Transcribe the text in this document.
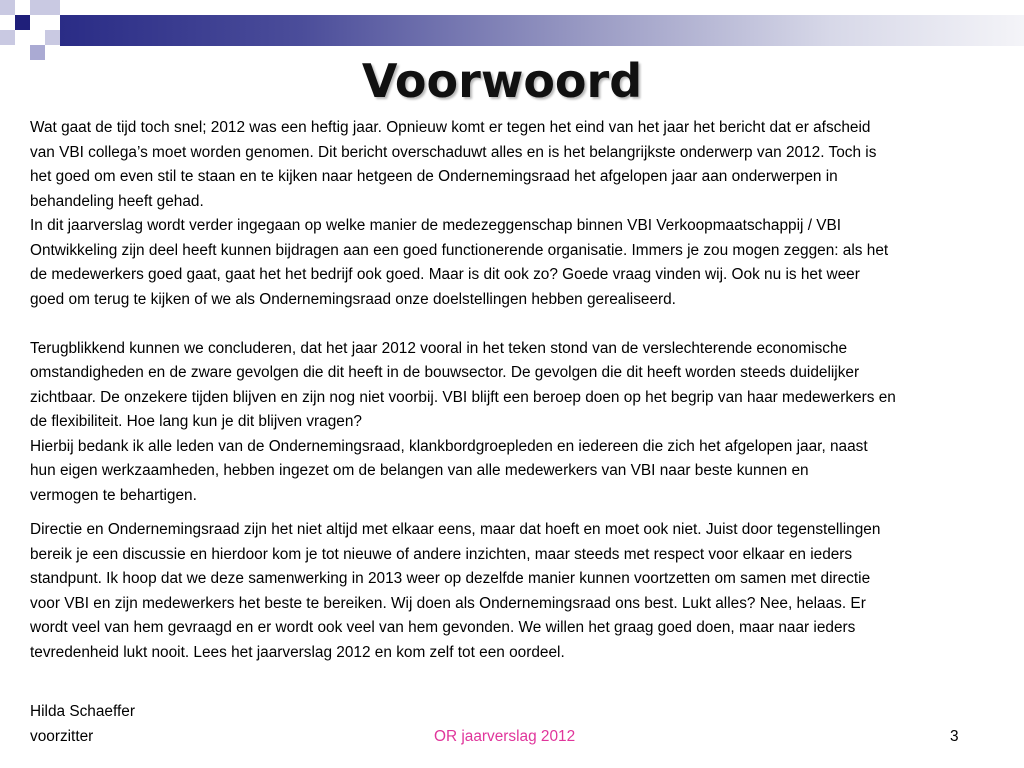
Voorwoord

Wat gaat de tijd toch snel; 2012 was een heftig jaar. Opnieuw komt er tegen het eind van het jaar het bericht dat er afscheid
van VBI collega’s moet worden genomen. Dit bericht overschaduwt alles en is het belangrijkste onderwerp van 2012. Toch is
het goed om even stil te staan en te kijken naar hetgeen de Ondernemingsraad het afgelopen jaar aan onderwerpen in
behandeling heeft gehad.

In dit jaarverslag wordt verder ingegaan op welke manier de medezeggenschap binnen VBI Verkoopmaatschappij / VBI
Ontwikkeling zijn deel heeft kunnen bijdragen aan een goed functionerende organisatie. Immers je zou mogen zeggen: als het
de medewerkers goed gaat, gaat het het bedrijf ook goed. Maar is dit ook zo? Goede vraag vinden wij. Ook nu is het weer
goed om terug te kijken of we als Ondernemingsraad onze doelstellingen hebben gerealiseerd.

Terugblikkend kunnen we concluderen, dat het jaar 2012 vooral in het teken stond van de verslechterende economische
omstandigheden en de zware gevolgen die dit heeft in de bouwsector. De gevolgen die dit heeft worden steeds duidelijker
zichtbaar. De onzekere tijden blijven en zijn nog niet voorbij. VBI blijft een beroep doen op het begrip van haar medewerkers en
de flexibiliteit. Hoe lang kun je dit blijven vragen?

Hierbij bedank ik alle leden van de Ondernemingsraad, klankbordgroepleden en iedereen die zich het afgelopen jaar, naast
hun eigen werkzaamheden, hebben ingezet om de belangen van alle medewerkers van VBI naar beste kunnen en
vermogen te behartigen.

Directie en Ondernemingsraad zijn het niet altijd met elkaar eens, maar dat hoeft en moet ook niet. Juist door tegenstellingen
bereik je een discussie en hierdoor kom je tot nieuwe of andere inzichten, maar steeds met respect voor elkaar en ieders
standpunt. Ik hoop dat we deze samenwerking in 2013 weer op dezelfde manier kunnen voortzetten om samen met directie
voor VBI en zijn medewerkers het beste te bereiken. Wij doen als Ondernemingsraad ons best. Lukt alles? Nee, helaas. Er
wordt veel van hem gevraagd en er wordt ook veel van hem gevonden. We willen het graag goed doen, maar naar ieders
tevredenheid lukt nooit. Lees het jaarverslag 2012 en kom zelf tot een oordeel.

Hilda Schaeffer
voorzitter	OR jaarverslag 2012	3
